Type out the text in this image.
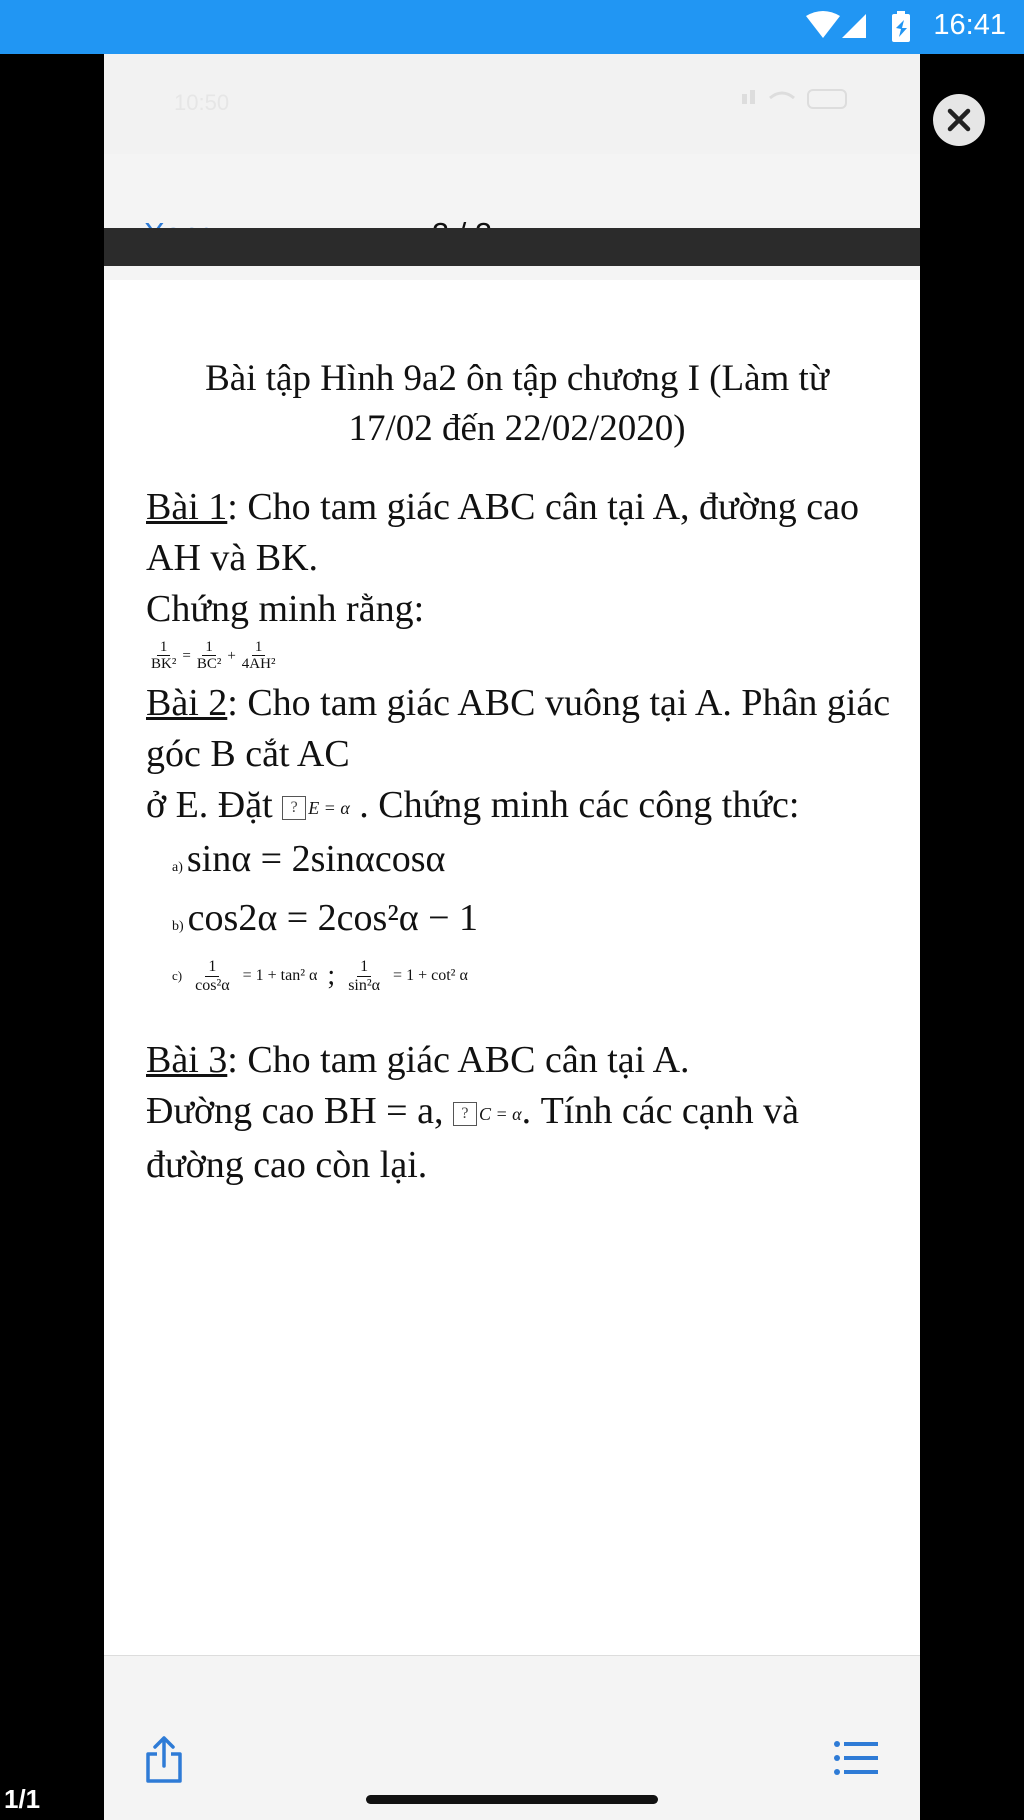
16:41
10:50
Bài tập Hình 9a2 ôn tập chương I (Làm từ
17/02 đến 22/02/2020)

Bài 1: Cho tam giác ABC cân tại A, đường cao AH và BK.

Chứng minh rằng:

$\frac{1}{\text{BK²}} = \frac{1}{\text{BC²}} + \frac{1}{\text{4AH²}}$

Bài 2: Cho tam giác ABC vuông tại A. Phân giác góc B cắt AC

ở E. Đặt ? E = α . Chứng minh các công thức:

a) sinα = 2sinαcosα
b) cos2α = 2cos²α − 1
$c) \frac{1}{\text{cos²α}} = 1 + \tan^2$ α ; $\frac{1}{\text{sin²α}} = 1 + \cot^2$ α

Bài 3: Cho tam giác ABC cân tại A.

Đường cao BH = a, ? C = α. Tính các cạnh và đường cao còn lại.

1/1
